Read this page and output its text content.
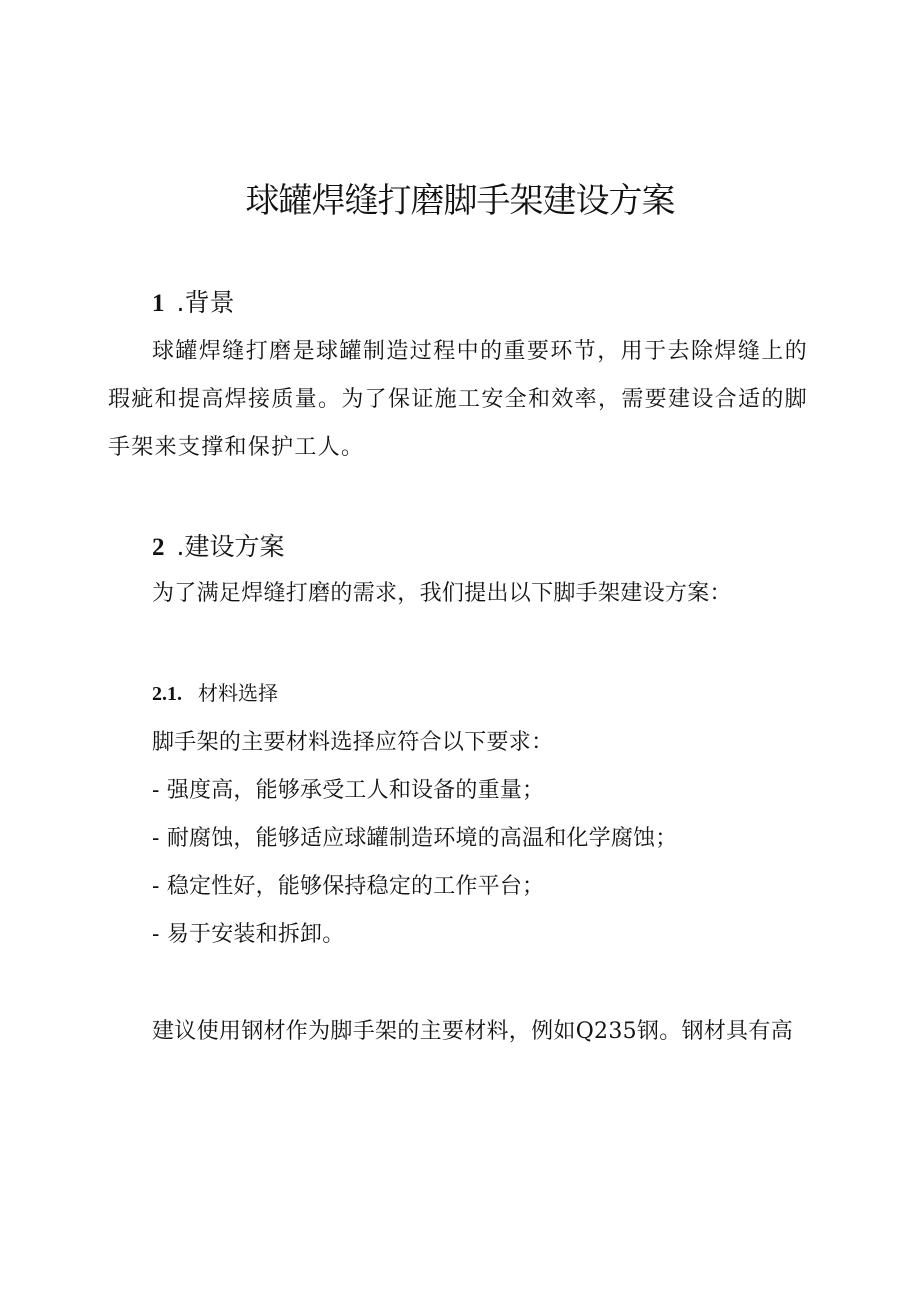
球罐焊缝打磨脚手架建设方案
1 .背景
球罐焊缝打磨是球罐制造过程中的重要环节，用于去除焊缝上的瑕疵和提高焊接质量。为了保证施工安全和效率，需要建设合适的脚手架来支撑和保护工人。
2 .建设方案
为了满足焊缝打磨的需求，我们提出以下脚手架建设方案：
2.1. 材料选择
脚手架的主要材料选择应符合以下要求：
- 强度高，能够承受工人和设备的重量；
- 耐腐蚀，能够适应球罐制造环境的高温和化学腐蚀；
- 稳定性好，能够保持稳定的工作平台；
- 易于安装和拆卸。
建议使用钢材作为脚手架的主要材料，例如Q235钢。钢材具有高
